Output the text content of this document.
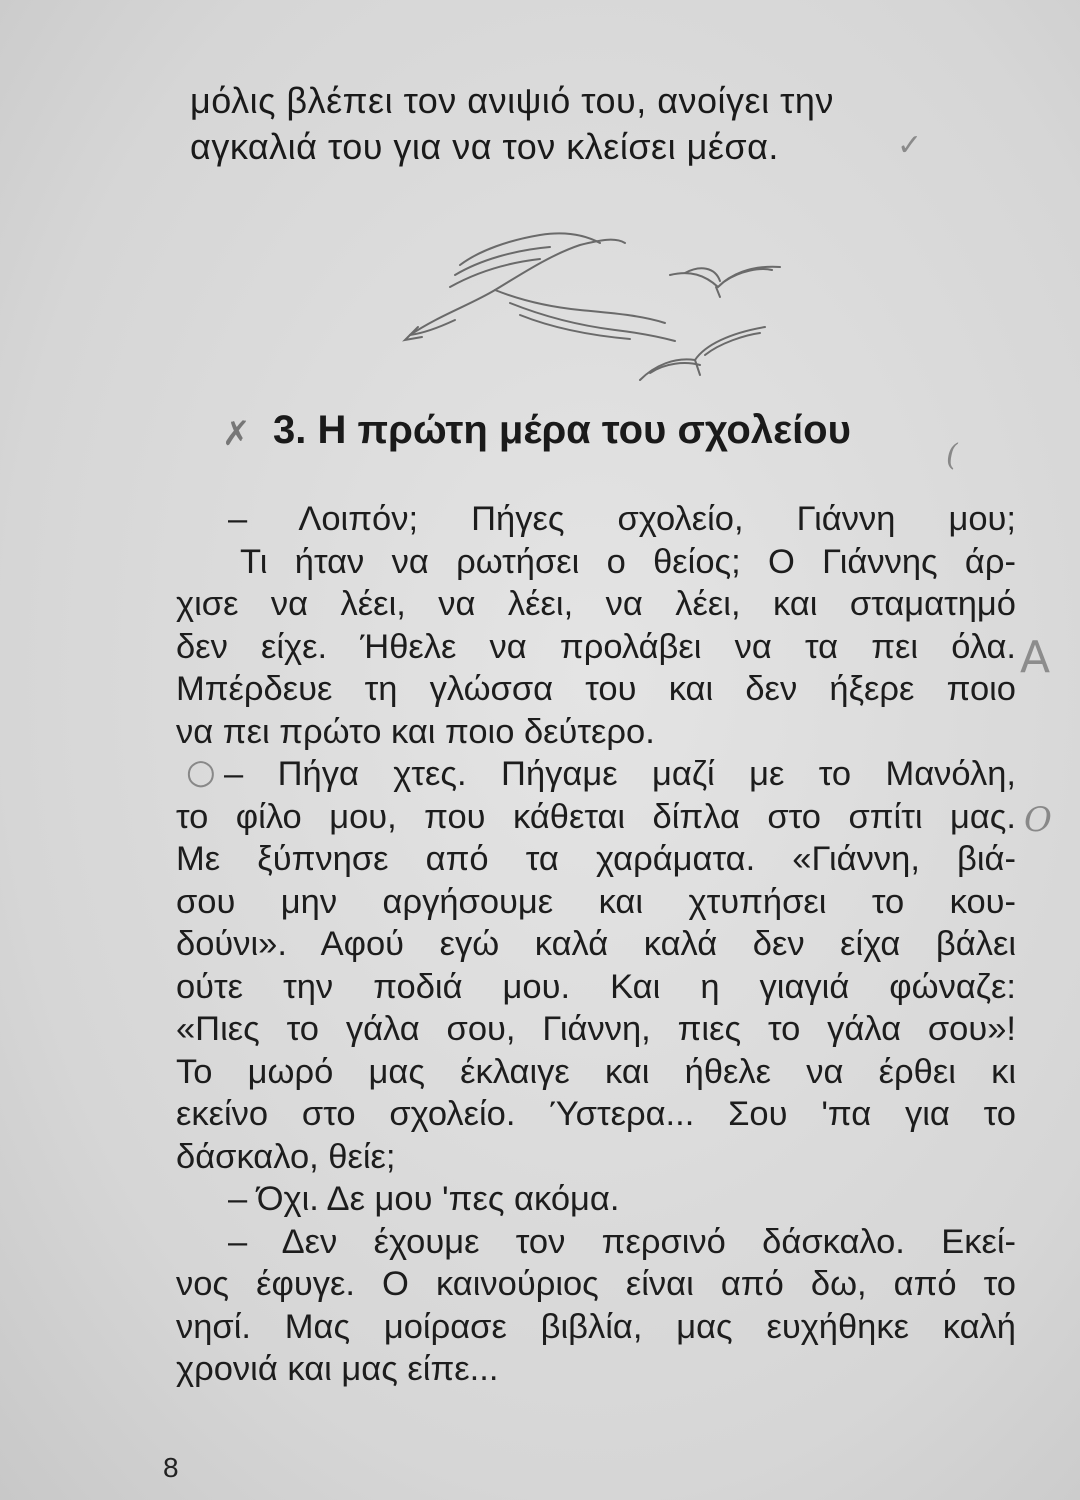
μόλις βλέπει τον ανιψιό του, ανοίγει την
αγκαλιά του για να τον κλείσει μέσα.	✓
✗ 3. Η πρώτη μέρα του σχολείου
(
– Λοιπόν; Πήγες σχολείο, Γιάννη μου;
Τι ήταν να ρωτήσει ο θείος; Ο Γιάννης άρ-
χισε να λέει, να λέει, να λέει, και σταματημό
δεν είχε. Ήθελε να προλάβει να τα πει όλα.
Μπέρδευε τη γλώσσα του και δεν ήξερε ποιο
να πει πρώτο και ποιο δεύτερο.
– Πήγα χτες. Πήγαμε μαζί με το Μανόλη,
το φίλο μου, που κάθεται δίπλα στο σπίτι μας.
Με ξύπνησε από τα χαράματα. «Γιάννη, βιά-
σου μην αργήσουμε και χτυπήσει το κου-
δούνι». Αφού εγώ καλά καλά δεν είχα βάλει
ούτε την ποδιά μου. Και η γιαγιά φώναζε:
«Πιες το γάλα σου, Γιάννη, πιες το γάλα σου»!
Το μωρό μας έκλαιγε και ήθελε να έρθει κι
εκείνο στο σχολείο. Ύστερα... Σου 'πα για το
δάσκαλο, θείε;
– Όχι. Δε μου 'πες ακόμα.
– Δεν έχουμε τον περσινό δάσκαλο. Εκεί-
νος έφυγε. Ο καινούριος είναι από δω, από το
νησί. Μας μοίρασε βιβλία, μας ευχήθηκε καλή
χρονιά και μας είπε...
A
○
O
8
